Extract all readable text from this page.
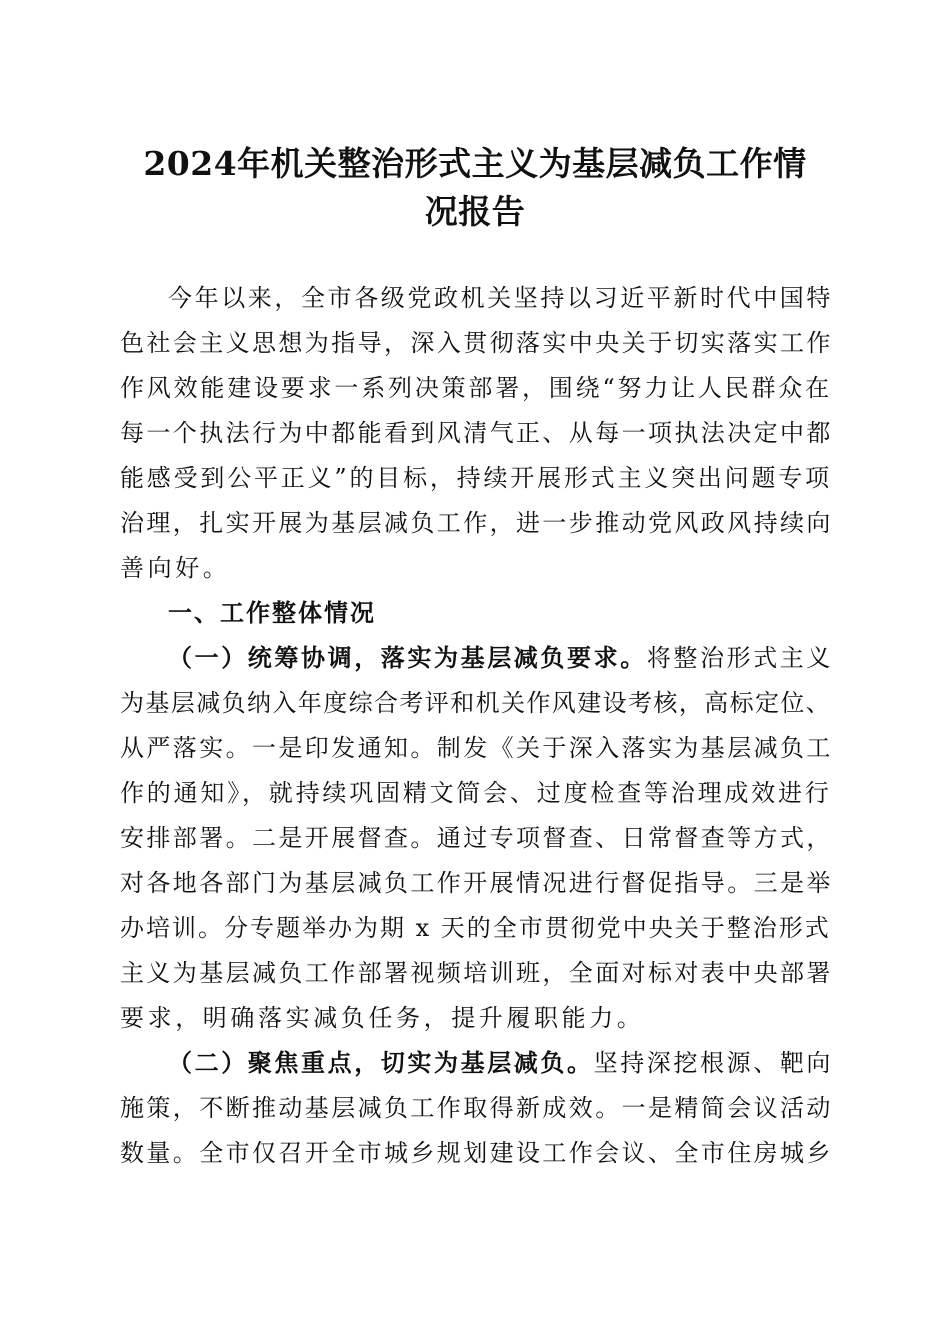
2024年机关整治形式主义为基层减负工作情
况报告
今年以来，全市各级党政机关坚持以习近平新时代中国特
色社会主义思想为指导，深入贯彻落实中央关于切实落实工作
作风效能建设要求一系列决策部署，围绕“努力让人民群众在
每一个执法行为中都能看到风清气正、从每一项执法决定中都
能感受到公平正义”的目标，持续开展形式主义突出问题专项
治理，扎实开展为基层减负工作，进一步推动党风政风持续向
善向好。
一、工作整体情况
（一）统筹协调，落实为基层减负要求。将整治形式主义
为基层减负纳入年度综合考评和机关作风建设考核，高标定位、
从严落实。一是印发通知。制发《关于深入落实为基层减负工
作的通知》，就持续巩固精文简会、过度检查等治理成效进行
安排部署。二是开展督查。通过专项督查、日常督查等方式，
对各地各部门为基层减负工作开展情况进行督促指导。三是举
办培训。分专题举办为期 x 天的全市贯彻党中央关于整治形式
主义为基层减负工作部署视频培训班，全面对标对表中央部署
要求，明确落实减负任务，提升履职能力。
（二）聚焦重点，切实为基层减负。坚持深挖根源、靶向
施策，不断推动基层减负工作取得新成效。一是精简会议活动
数量。全市仅召开全市城乡规划建设工作会议、全市住房城乡
